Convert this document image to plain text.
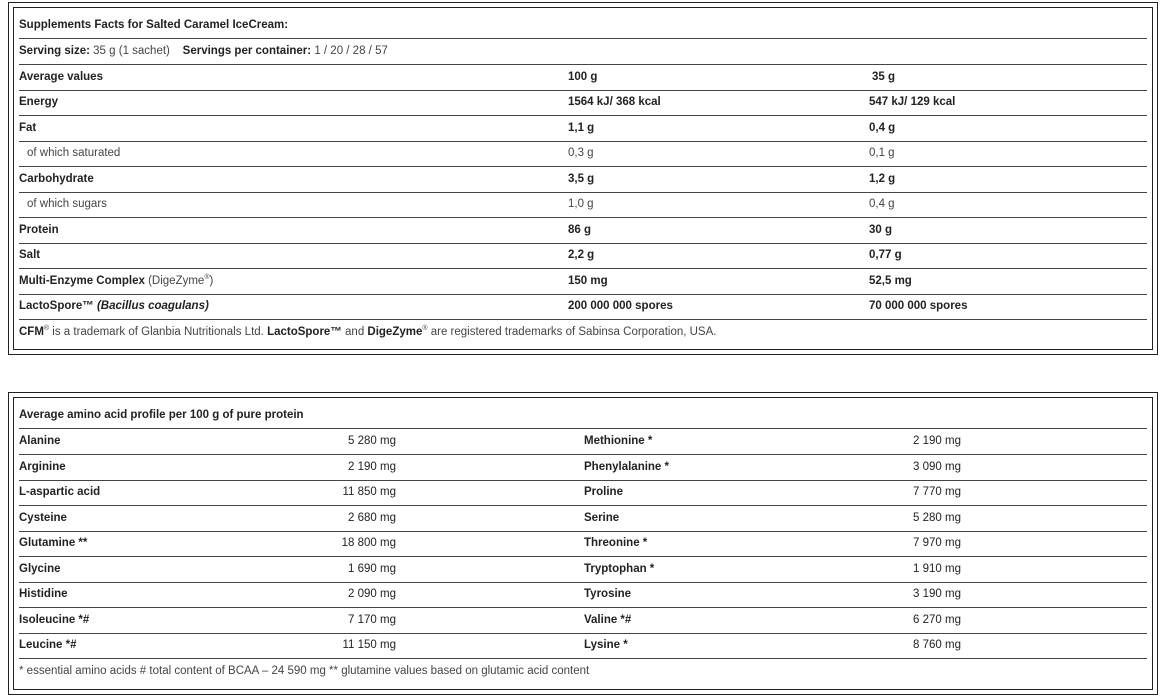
Supplements Facts for Salted Caramel IceCream:
Serving size: 35 g (1 sachet) Servings per container: 1 / 20 / 28 / 57
Average values	100 g	35 g
Energy	1564 kJ/ 368 kcal	547 kJ/ 129 kcal
Fat	1,1 g	0,4 g
of which saturated	0,3 g	0,1 g
Carbohydrate	3,5 g	1,2 g
of which sugars	1,0 g	0,4 g
Protein	86 g	30 g
Salt	2,2 g	0,77 g
Multi-Enzyme Complex (DigeZyme®)	150 mg	52,5 mg
LactoSpore™ (Bacillus coagulans)	200 000 000 spores	70 000 000 spores
CFM® is a trademark of Glanbia Nutritionals Ltd. LactoSpore™ and DigeZyme® are registered trademarks of Sabinsa Corporation, USA.
Average amino acid profile per 100 g of pure protein
Alanine	5 280 mg	Methionine *	2 190 mg
Arginine	2 190 mg	Phenylalanine *	3 090 mg
L-aspartic acid	11 850 mg	Proline	7 770 mg
Cysteine	2 680 mg	Serine	5 280 mg
Glutamine **	18 800 mg	Threonine *	7 970 mg
Glycine	1 690 mg	Tryptophan *	1 910 mg
Histidine	2 090 mg	Tyrosine	3 190 mg
Isoleucine *#	7 170 mg	Valine *#	6 270 mg
Leucine *#	11 150 mg	Lysine *	8 760 mg
* essential amino acids # total content of BCAA – 24 590 mg ** glutamine values based on glutamic acid content
